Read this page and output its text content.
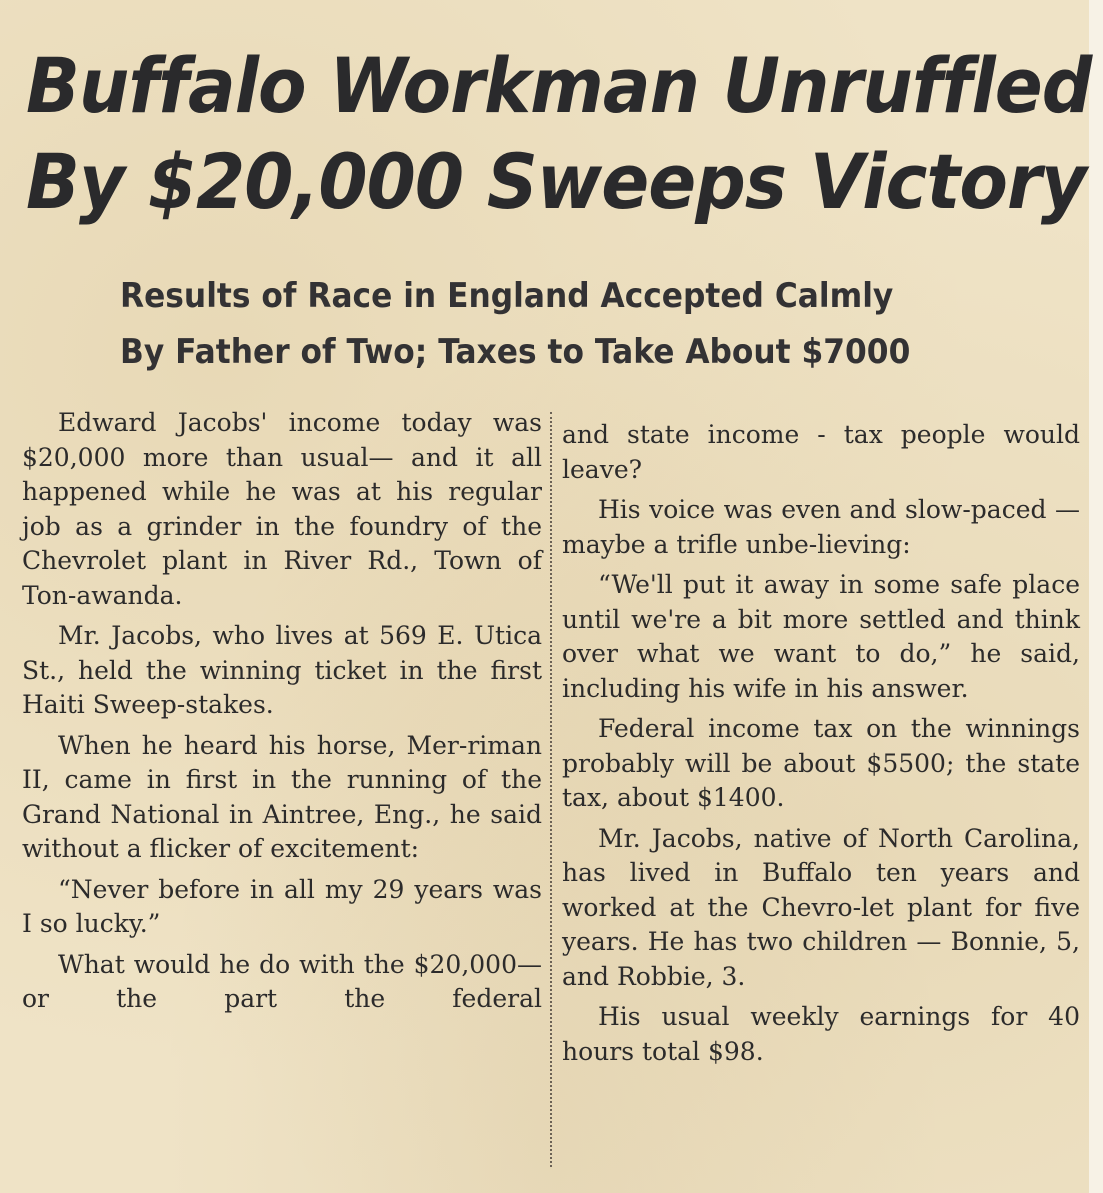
Buffalo Workman Unruffled
By $20,000 Sweeps Victory
Results of Race in England Accepted Calmly
By Father of Two; Taxes to Take About $7000

Edward Jacobs' income today was $20,000 more than usual— and it all happened while he was at his regular job as a grinder in the foundry of the Chevrolet plant in River Rd., Town of Ton-awanda.

Mr. Jacobs, who lives at 569 E. Utica St., held the winning ticket in the first Haiti Sweep-stakes.

When he heard his horse, Mer-riman II, came in first in the running of the Grand National in Aintree, Eng., he said without a flicker of excitement:

“Never before in all my 29 years was I so lucky.”

What would he do with the $20,000—or the part the federal

and state income - tax people would leave?

His voice was even and slow-paced — maybe a trifle unbe-lieving:

“We'll put it away in some safe place until we're a bit more settled and think over what we want to do,” he said, including his wife in his answer.

Federal income tax on the winnings probably will be about $5500; the state tax, about $1400.

Mr. Jacobs, native of North Carolina, has lived in Buffalo ten years and worked at the Chevro-let plant for five years. He has two children — Bonnie, 5, and Robbie, 3.

His usual weekly earnings for 40 hours total $98.
